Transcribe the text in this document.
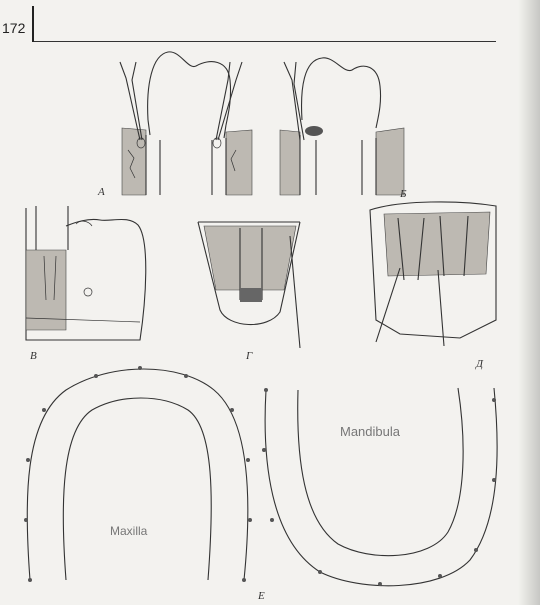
172
А	Б
В	Г
Д
Е
Maxilla
Mandibula
